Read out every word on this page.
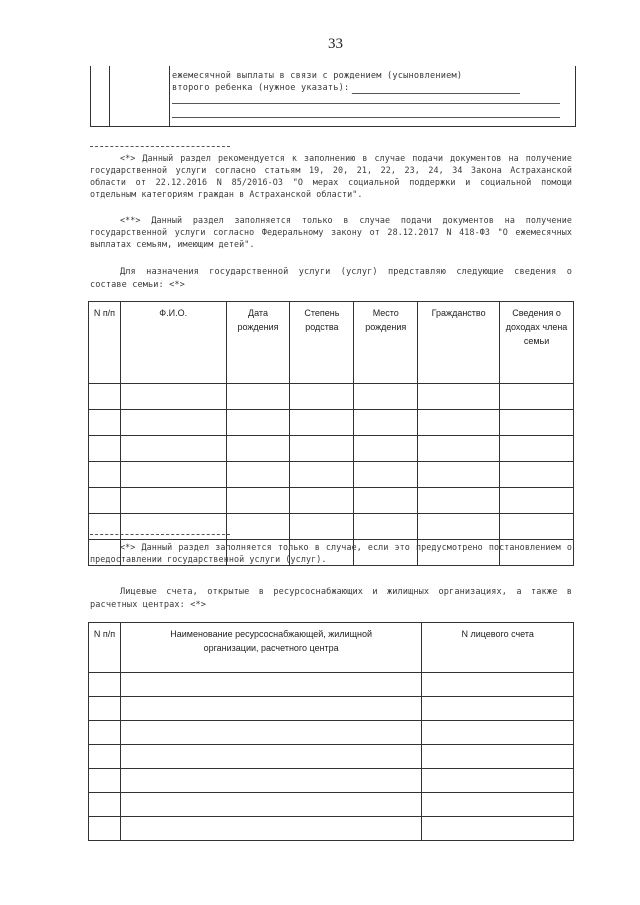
33
ежемесячной выплаты в связи с рождением (усыновлением)
второго ребенка (нужное указать):
<*> Данный раздел рекомендуется к заполнению в случае подачи документов на получение государственной услуги согласно статьям 19, 20, 21, 22, 23, 24, 34 Закона Астраханской области от 22.12.2016 N 85/2016-ОЗ "О мерах социальной поддержки и социальной помощи отдельным категориям граждан в Астраханской области".
<**> Данный раздел заполняется только в случае подачи документов на получение государственной услуги согласно Федеральному закону от 28.12.2017 N 418-ФЗ "О ежемесячных выплатах семьям, имеющим детей".
Для назначения государственной услуги (услуг) представляю следующие сведения о составе семьи: <*>
N п/п	Ф.И.О.	Дата рождения	Степень родства	Место рождения	Гражданство	Сведения о доходах члена семьи

<*> Данный раздел заполняется только в случае, если это предусмотрено постановлением о предоставлении государственной услуги (услуг).
Лицевые счета, открытые в ресурсоснабжающих и жилищных организациях, а также в расчетных центрах: <*>
N п/п	Наименование ресурсоснабжающей, жилищной организации, расчетного центра	N лицевого счета
